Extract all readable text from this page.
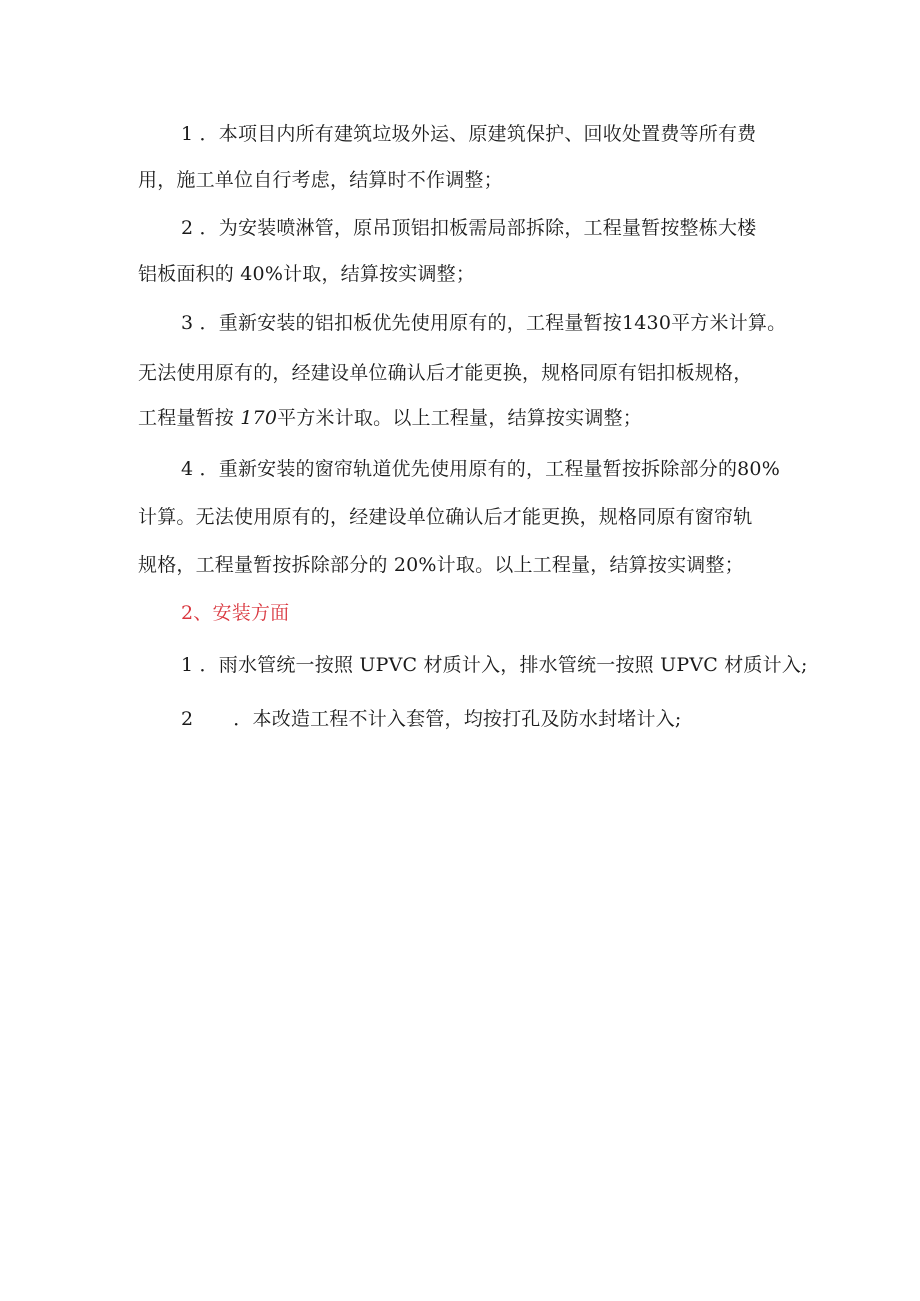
1 ．本项目内所有建筑垃圾外运、原建筑保护、回收处置费等所有费
用，施工单位自行考虑，结算时不作调整；
2 ．为安装喷淋管，原吊顶铝扣板需局部拆除，工程量暂按整栋大楼
铝板面积的 40%计取，结算按实调整；
3 ．重新安装的铝扣板优先使用原有的，工程量暂按1430平方米计算。
无法使用原有的，经建设单位确认后才能更换，规格同原有铝扣板规格，
工程量暂按 170平方米计取。以上工程量，结算按实调整；
4 ．重新安装的窗帘轨道优先使用原有的，工程量暂按拆除部分的80%
计算。无法使用原有的，经建设单位确认后才能更换，规格同原有窗帘轨
规格，工程量暂按拆除部分的 20%计取。以上工程量，结算按实调整；
2、安装方面
1 ．雨水管统一按照 UPVC 材质计入，排水管统一按照 UPVC 材质计入;
2 ．本改造工程不计入套管，均按打孔及防水封堵计入;
